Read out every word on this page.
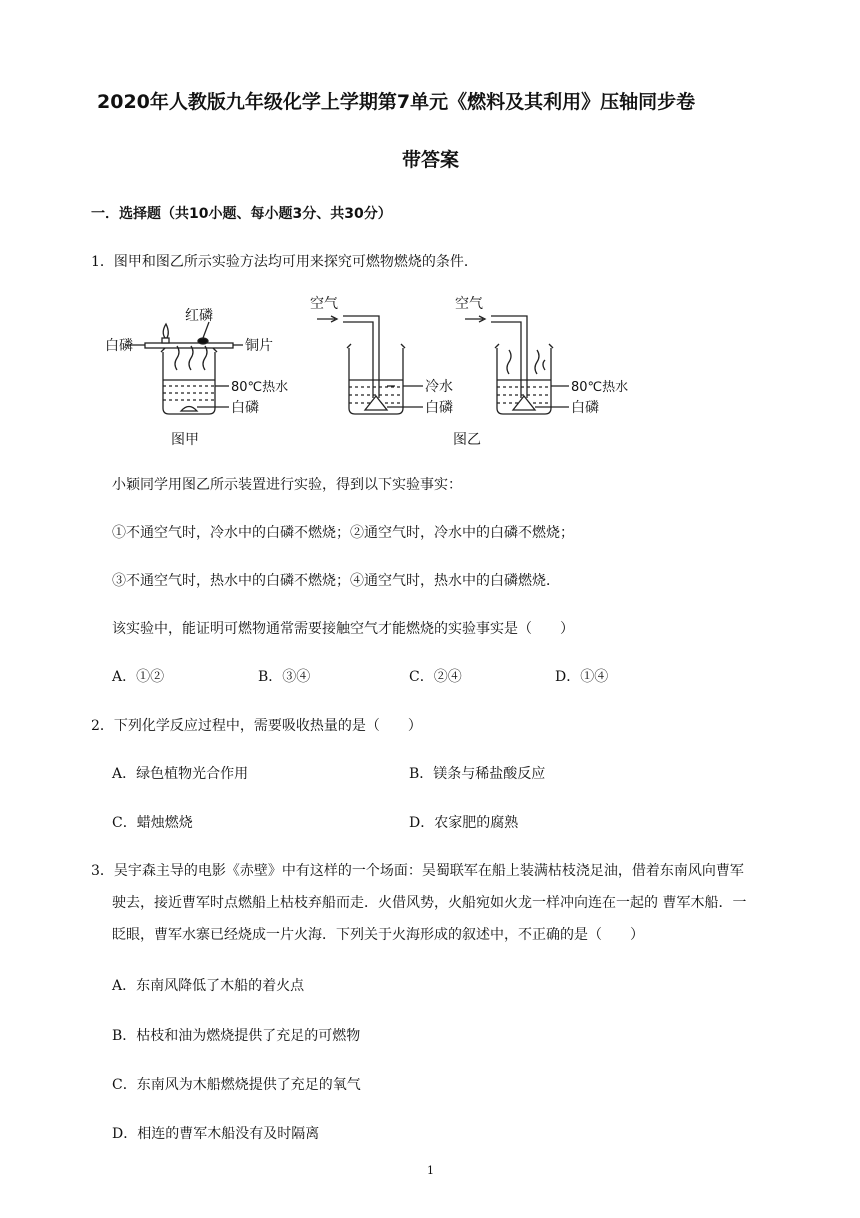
2020年人教版九年级化学上学期第7单元《燃料及其利用》压轴同步卷
带答案
一．选择题（共10小题、每小题3分、共30分）
1．图甲和图乙所示实验方法均可用来探究可燃物燃烧的条件．
红磷
白磷	铜片
80℃热水
白磷
图甲
空气
冷水
白磷
空气
80℃热水
白磷
图乙
小颖同学用图乙所示装置进行实验，得到以下实验事实：
①不通空气时，冷水中的白磷不燃烧；②通空气时，冷水中的白磷不燃烧；
③不通空气时，热水中的白磷不燃烧；④通空气时，热水中的白磷燃烧．
该实验中，能证明可燃物通常需要接触空气才能燃烧的实验事实是（　　）
A．①②	B．③④	C．②④	D．①④
2．下列化学反应过程中，需要吸收热量的是（　　）
A．绿色植物光合作用	B．镁条与稀盐酸反应
C．蜡烛燃烧	D．农家肥的腐熟
3．吴宇森主导的电影《赤壁》中有这样的一个场面：吴蜀联军在船上装满枯枝浇足油，借着东南风向曹军
驶去，接近曹军时点燃船上枯枝弃船而走．火借风势，火船宛如火龙一样冲向连在一起的 曹军木船．一
眨眼，曹军水寨已经烧成一片火海．下列关于火海形成的叙述中，不正确的是（　　）
A．东南风降低了木船的着火点
B．枯枝和油为燃烧提供了充足的可燃物
C．东南风为木船燃烧提供了充足的氧气
D．相连的曹军木船没有及时隔离
1
